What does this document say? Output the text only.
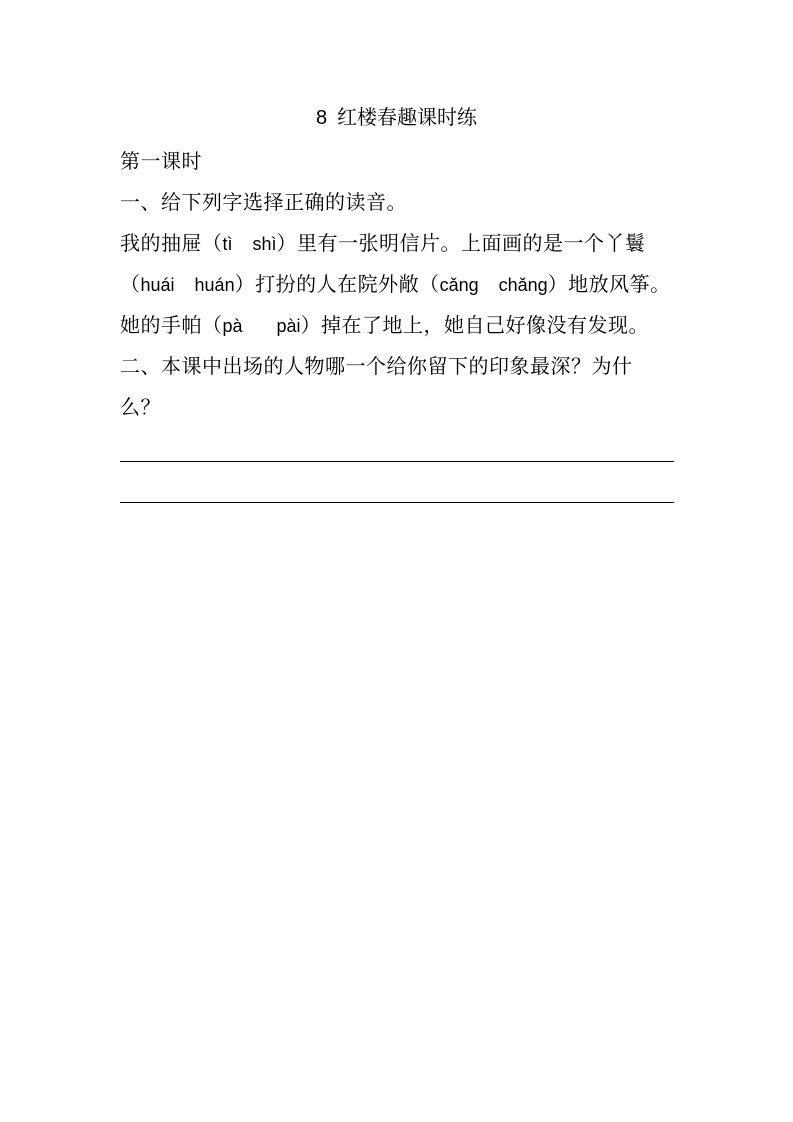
8 红楼春趣课时练
第一课时
一、给下列字选择正确的读音。
我的抽屉（tì shì）里有一张明信片。上面画的是一个丫鬟
（huái huán）打扮的人在院外敞（cǎng chǎng）地放风筝。
她的手帕（pà pài）掉在了地上，她自己好像没有发现。
二、本课中出场的人物哪一个给你留下的印象最深？为什
么？
